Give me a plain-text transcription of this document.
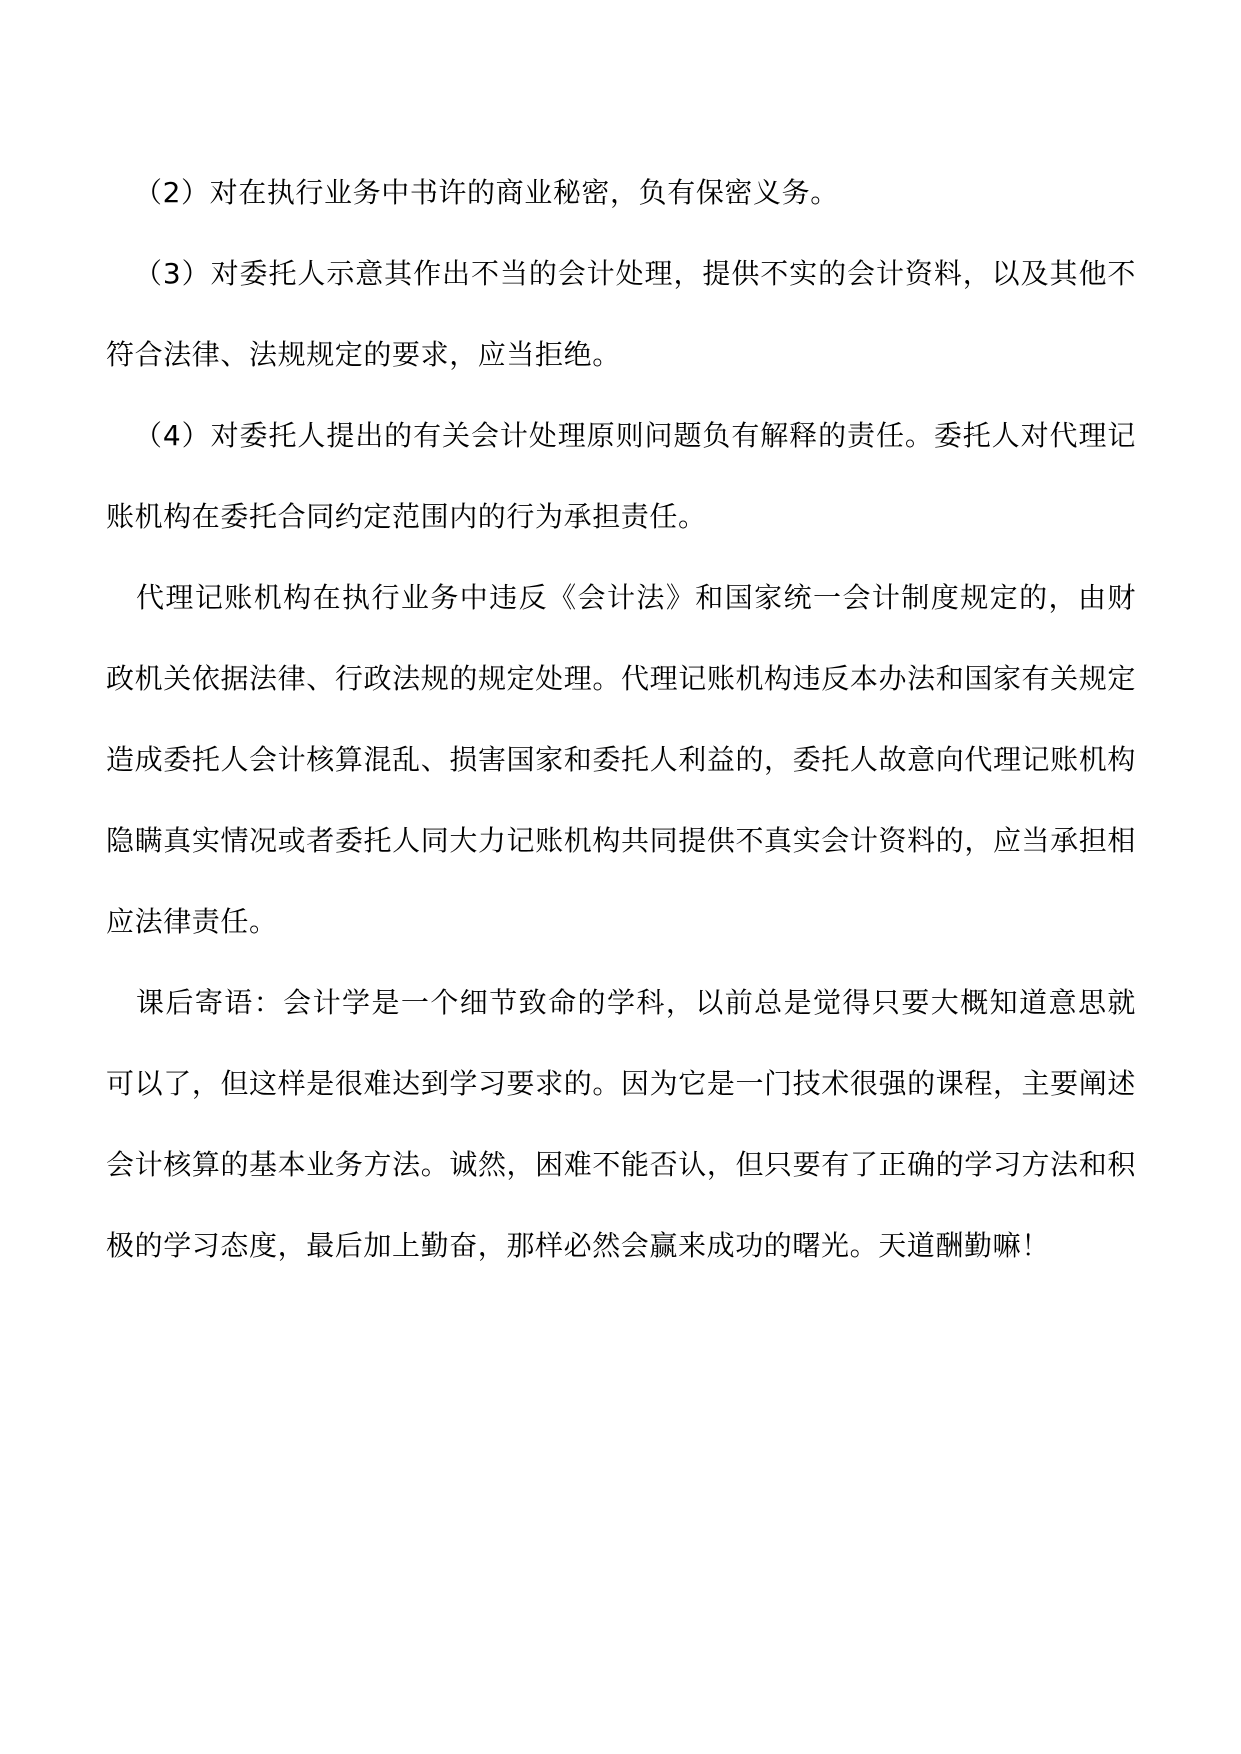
（2）对在执行业务中书许的商业秘密，负有保密义务。

（3）对委托人示意其作出不当的会计处理，提供不实的会计资料，以及其他不符合法律、法规规定的要求，应当拒绝。

（4）对委托人提出的有关会计处理原则问题负有解释的责任。委托人对代理记账机构在委托合同约定范围内的行为承担责任。

代理记账机构在执行业务中违反《会计法》和国家统一会计制度规定的，由财政机关依据法律、行政法规的规定处理。代理记账机构违反本办法和国家有关规定造成委托人会计核算混乱、损害国家和委托人利益的，委托人故意向代理记账机构隐瞒真实情况或者委托人同大力记账机构共同提供不真实会计资料的，应当承担相应法律责任。

课后寄语：会计学是一个细节致命的学科，以前总是觉得只要大概知道意思就可以了，但这样是很难达到学习要求的。因为它是一门技术很强的课程，主要阐述会计核算的基本业务方法。诚然，困难不能否认，但只要有了正确的学习方法和积极的学习态度，最后加上勤奋，那样必然会赢来成功的曙光。天道酬勤嘛！
